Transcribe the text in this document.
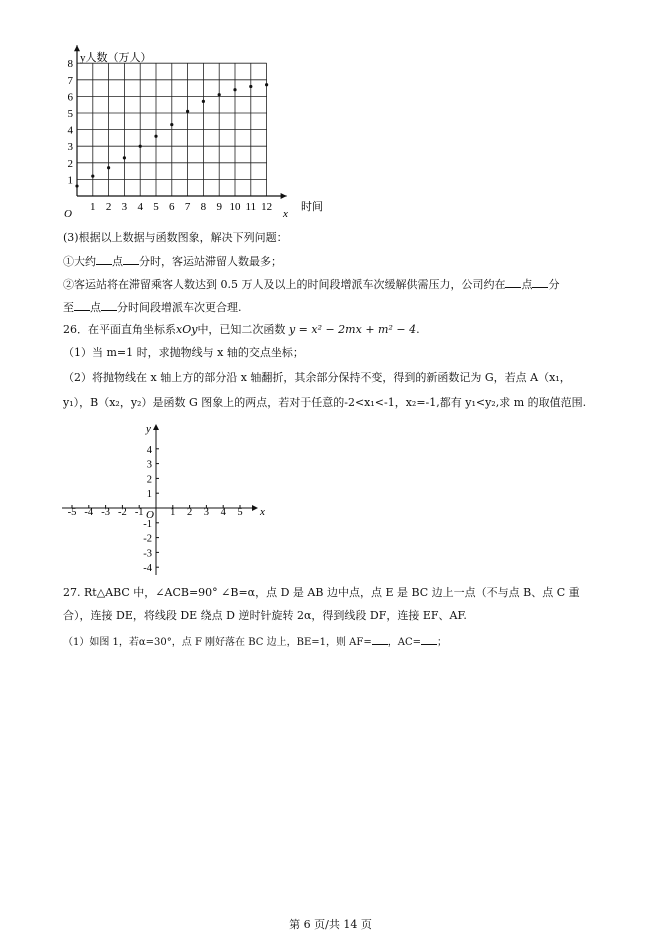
1 2 3 4 5 6 7 8 9 10 11 12
1
2
3
4
5
6
7
8
y人数（万人）
时间
x
O
(3)根据以上数据与函数图象，解决下列问题：
①大约 点 分时，客运站滞留人数最多；
②客运站将在滞留乘客人数达到 0.5 万人及以上的时间段增派车次缓解供需压力，公司约在 点 分
至 点 分时间段增派车次更合理.
26．在平面直角坐标系xOy中，已知二次函数 y = x² − 2mx + m² − 4.
（1）当 m=1 时，求抛物线与 x 轴的交点坐标；
（2）将抛物线在 x 轴上方的部分沿 x 轴翻折，其余部分保持不变，得到的新函数记为 G，若点 A（x₁，
y₁），B（x₂，y₂）是函数 G 图象上的两点，若对于任意的-2<x₁<-1，x₂=-1,都有 y₁<y₂,求 m 的取值范围.
-5 -4 -3 -2 -1	1 2 3 4 5
4
3
2
1
-1
-2
-3
-4
x
y
O
27. Rt△ABC 中，∠ACB=90° ∠B=α，点 D 是 AB 边中点，点 E 是 BC 边上一点（不与点 B、点 C 重
合），连接 DE，将线段 DE 绕点 D 逆时针旋转 2α，得到线段 DF，连接 EF、AF.
（1）如图 1，若α=30°，点 F 刚好落在 BC 边上，BE=1，则 AF= ，AC= ；
第 6 页/共 14 页
